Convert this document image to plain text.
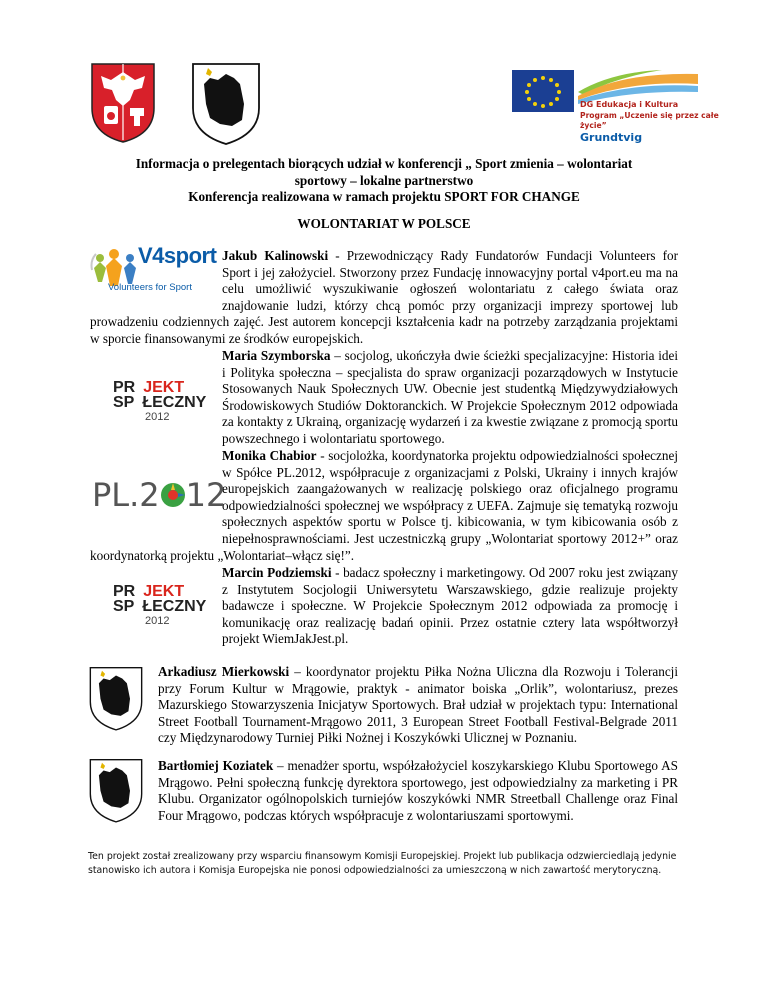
DG Edukacja i Kultura
Program „Uczenie się przez całe życie”
Grundtvig
Informacja o prelegentach biorących udział w konferencji „ Sport zmienia – wolontariat
sportowy – lokalne partnerstwo
Konferencja realizowana w ramach projektu SPORT FOR CHANGE
WOLONTARIAT W POLSCE
V4sport
Volunteers for Sport
Jakub Kalinowski - Przewodniczący Rady Fundatorów Fundacji Volunteers for Sport i jej założyciel. Stworzony przez Fundację innowacyjny portal v4port.eu ma na celu umożliwić wyszukiwanie ogłoszeń wolontariatu z całego świata oraz znajdowanie ludzi, którzy chcą pomóc przy organizacji imprezy sportowej lub prowadzeniu codziennych zajęć. Jest autorem koncepcji kształcenia kadr na potrzeby zarządzania projektami w sporcie finansowanymi ze środków europejskich.
Maria Szymborska – socjolog, ukończyła dwie ścieżki specjalizacyjne: Historia idei i Polityka społeczna – specjalista do spraw organizacji pozarządowych w Instytucie Stosowanych Nauk Społecznych UW. Obecnie jest studentką Międzywydziałowych Środowiskowych Studiów Doktoranckich. W Projekcie Społecznym 2012 odpowiada za kontakty z Ukrainą, organizację wydarzeń i za kwestie związane z promocją sportu powszechnego i wolontariatu sportowego.
PR JEKT
SP ŁECZNY
2012
Monika Chabior - socjolożka, koordynatorka projektu odpowiedzialności społecznej w Spółce PL.2012, współpracuje z organizacjami z Polski, Ukrainy i innych krajów europejskich zaangażowanych w realizację polskiego oraz oficjalnego programu odpowiedzialności społecznej we współpracy z UEFA. Zajmuje się tematyką rozwoju społecznych aspektów sportu w Polsce tj. kibicowania, w tym kibicowania osób z niepełnosprawnościami. Jest uczestniczką grupy „Wolontariat sportowy 2012+” oraz koordynatorką projektu „Wolontariat–włącz się!”.
PL.2 12
Marcin Podziemski - badacz społeczny i marketingowy. Od 2007 roku jest związany z Instytutem Socjologii Uniwersytetu Warszawskiego, gdzie realizuje projekty badawcze i społeczne. W Projekcie Społecznym 2012 odpowiada za promocję i komunikację oraz realizację badań opinii. Przez ostatnie cztery lata współtworzył projekt WiemJakJest.pl.
PR JEKT
SP ŁECZNY
2012
Arkadiusz Mierkowski – koordynator projektu Piłka Nożna Uliczna dla Rozwoju i Tolerancji przy Forum Kultur w Mrągowie, praktyk - animator boiska „Orlik”, wolontariusz, prezes Mazurskiego Stowarzyszenia Inicjatyw Sportowych. Brał udział w projektach typu: International Street Football Tournament-Mrągowo 2011, 3 European Street Football Festival-Belgrade 2011 czy Międzynarodowy Turniej Piłki Nożnej i Koszykówki Ulicznej w Poznaniu.
Bartłomiej Koziatek – menadżer sportu, współzałożyciel koszykarskiego Klubu Sportowego AS Mrągowo. Pełni społeczną funkcję dyrektora sportowego, jest odpowiedzialny za marketing i PR Klubu. Organizator ogólnopolskich turniejów koszykówki NMR Streetball Challenge oraz Final Four Mrągowo, podczas których współpracuje z wolontariuszami sportowymi.
Ten projekt został zrealizowany przy wsparciu finansowym Komisji Europejskiej. Projekt lub publikacja odzwierciedlają jedynie stanowisko ich autora i Komisja Europejska nie ponosi odpowiedzialności za umieszczoną w nich zawartość merytoryczną.
